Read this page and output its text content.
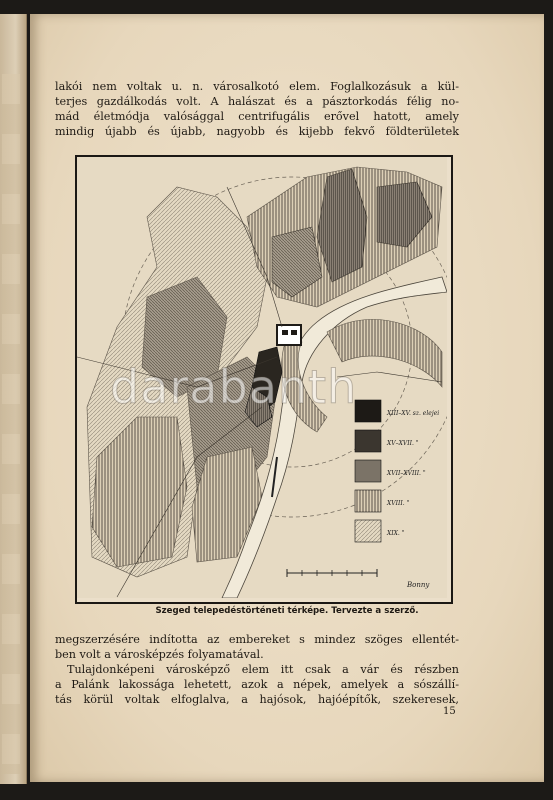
lakói nem voltak u. n. városalkotó elem. Foglalkozásuk a kül-
terjes gazdálkodás volt. A halászat és a pásztorkodás félig no-
mád életmódja valósággal centrifugális erővel hatott, amely
mindig újabb és újabb, nagyobb és kijebb fekvő földterületek
XIII–XV. sz. elejei
XV–XVII. "
XVII–XVIII. "
XVIII. "
XIX. "
Bonny
darabanth
Szeged telepedéstörténeti térképe. Tervezte a szerző.
megszerzésére indította az embereket s mindez szöges ellentét-
ben volt a városképzés folyamatával.
Tulajdonképeni városképző elem itt csak a vár és részben
a Palánk lakossága lehetett, azok a népek, amelyek a sószállí-
tás körül voltak elfoglalva, a hajósok, hajóépítők, szekeresek,
15
